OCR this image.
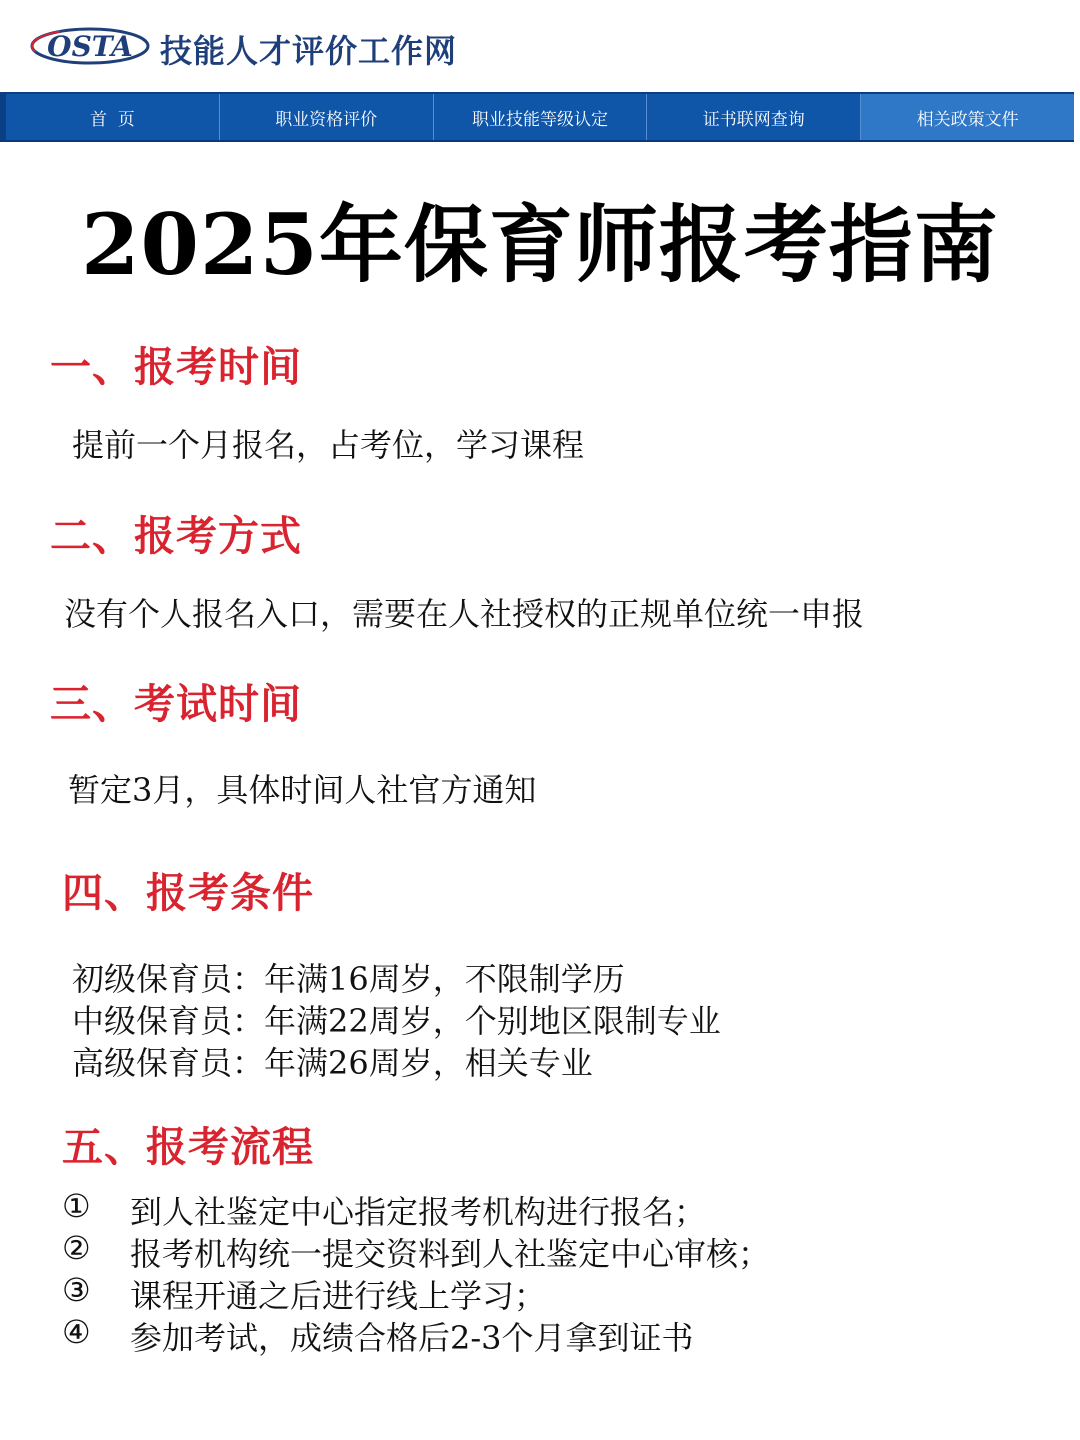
OSTA 技能人才评价工作网
首  页	职业资格评价	职业技能等级认定	证书联网查询	相关政策文件
2025年保育师报考指南
一、报考时间
提前一个月报名，占考位，学习课程
二、报考方式
没有个人报名入口，需要在人社授权的正规单位统一申报
三、考试时间
暂定3月，具体时间人社官方通知
四、报考条件
初级保育员：年满16周岁，不限制学历
中级保育员：年满22周岁，个别地区限制专业
高级保育员：年满26周岁，相关专业
五、报考流程
①	到人社鉴定中心指定报考机构进行报名；
②	报考机构统一提交资料到人社鉴定中心审核；
③	课程开通之后进行线上学习；
④	参加考试，成绩合格后2-3个月拿到证书
